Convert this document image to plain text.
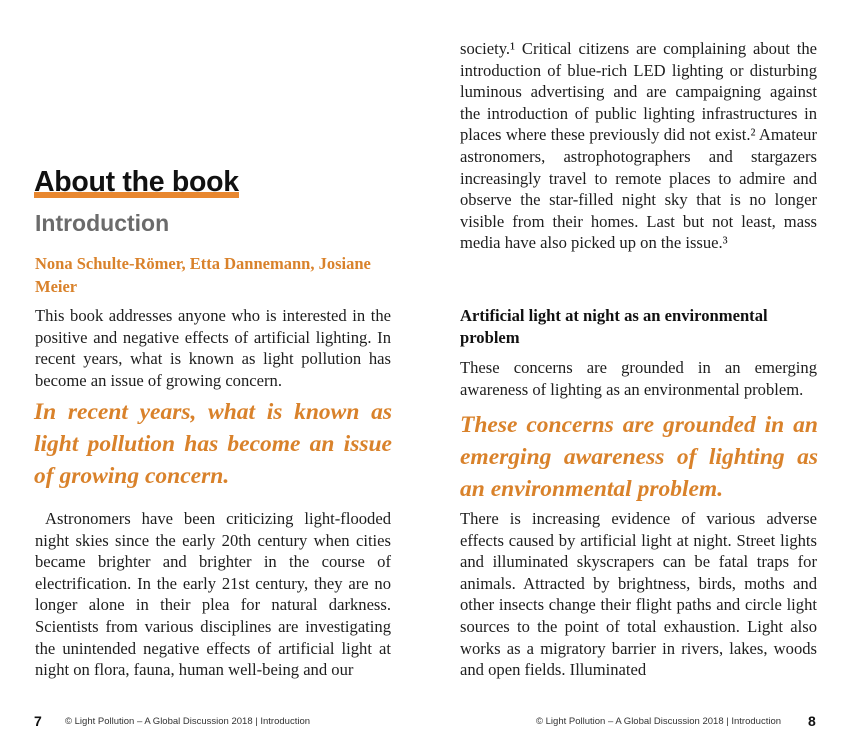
About the book
Introduction
Nona Schulte-Römer, Etta Dannemann, Josiane Meier
This book addresses anyone who is interested in the positive and negative effects of artificial lighting. In recent years, what is known as light pollution has become an issue of growing concern.
In recent years, what is known as light pollution has become an issue of growing concern.
Astronomers have been criticizing light-flooded night skies since the early 20th century when cities became brighter and brighter in the course of electrification. In the early 21st century, they are no longer alone in their plea for natural darkness. Scientists from various disciplines are investigating the unintended negative effects of artificial light at night on flora, fauna, human well-being and our
7 © Light Pollution – A Global Discussion 2018 | Introduction
society.¹ Critical citizens are complaining about the introduction of blue-rich LED lighting or disturbing luminous advertising and are campaigning against the introduction of public lighting infrastructures in places where these previously did not exist.² Amateur astronomers, astrophotographers and stargazers increasingly travel to remote places to admire and observe the star-filled night sky that is no longer visible from their homes. Last but not least, mass media have also picked up on the issue.³
Artificial light at night as an environmental problem
These concerns are grounded in an emerging awareness of lighting as an environmental problem.
These concerns are grounded in an emerging awareness of lighting as an environmental problem.
There is increasing evidence of various adverse effects caused by artificial light at night. Street lights and illuminated skyscrapers can be fatal traps for animals. Attracted by brightness, birds, moths and other insects change their flight paths and circle light sources to the point of total exhaustion. Light also works as a migratory barrier in rivers, lakes, woods and open fields. Illuminated
© Light Pollution – A Global Discussion 2018 | Introduction 8
